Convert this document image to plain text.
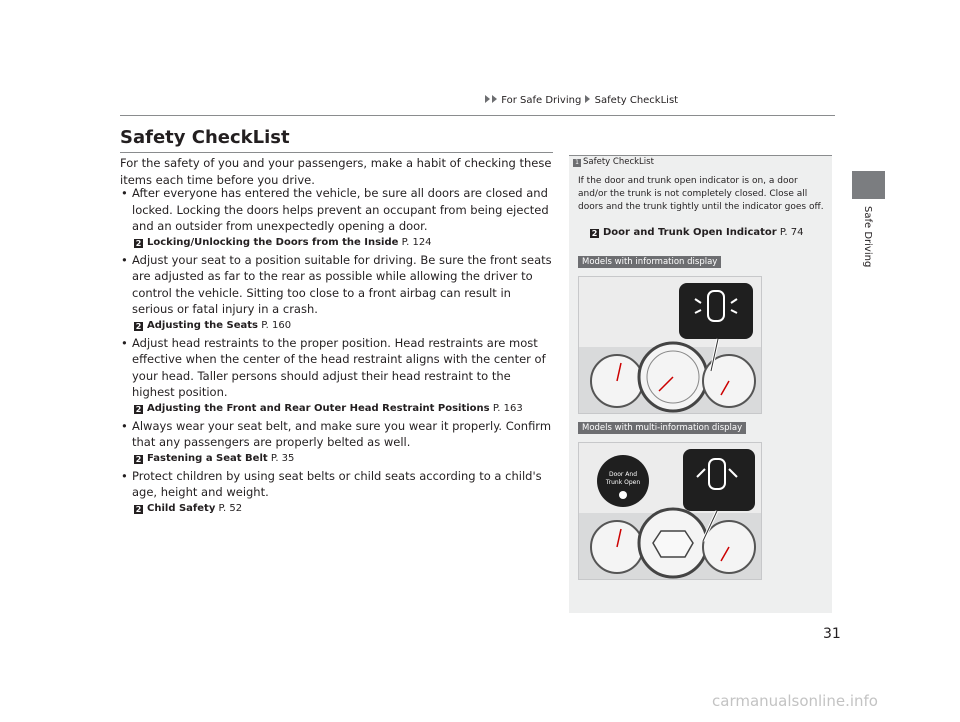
For Safe Driving Safety CheckList
Safe Driving
Safety CheckList

For the safety of you and your passengers, make a habit of checking these items each time before you drive.

• After everyone has entered the vehicle, be sure all doors are closed and locked. Locking the doors helps prevent an occupant from being ejected and an outsider from unexpectedly opening a door.
2 Locking/Unlocking the Doors from the Inside P. 124
• Adjust your seat to a position suitable for driving. Be sure the front seats are adjusted as far to the rear as possible while allowing the driver to control the vehicle. Sitting too close to a front airbag can result in serious or fatal injury in a crash.
2 Adjusting the Seats P. 160
• Adjust head restraints to the proper position. Head restraints are most effective when the center of the head restraint aligns with the center of your head. Taller persons should adjust their head restraint to the highest position.
2 Adjusting the Front and Rear Outer Head Restraint Positions P. 163
• Always wear your seat belt, and make sure you wear it properly. Confirm that any passengers are properly belted as well.
2 Fastening a Seat Belt P. 35
• Protect children by using seat belts or child seats according to a child's age, height and weight.
2 Child Safety P. 52
1 Safety CheckList

If the door and trunk open indicator is on, a door and/or the trunk is not completely closed. Close all doors and the trunk tightly until the indicator goes off.

2 Door and Trunk Open Indicator P. 74
Models with information display
Models with multi-information display
Door And
Trunk Open
31
carmanualsonline.info
